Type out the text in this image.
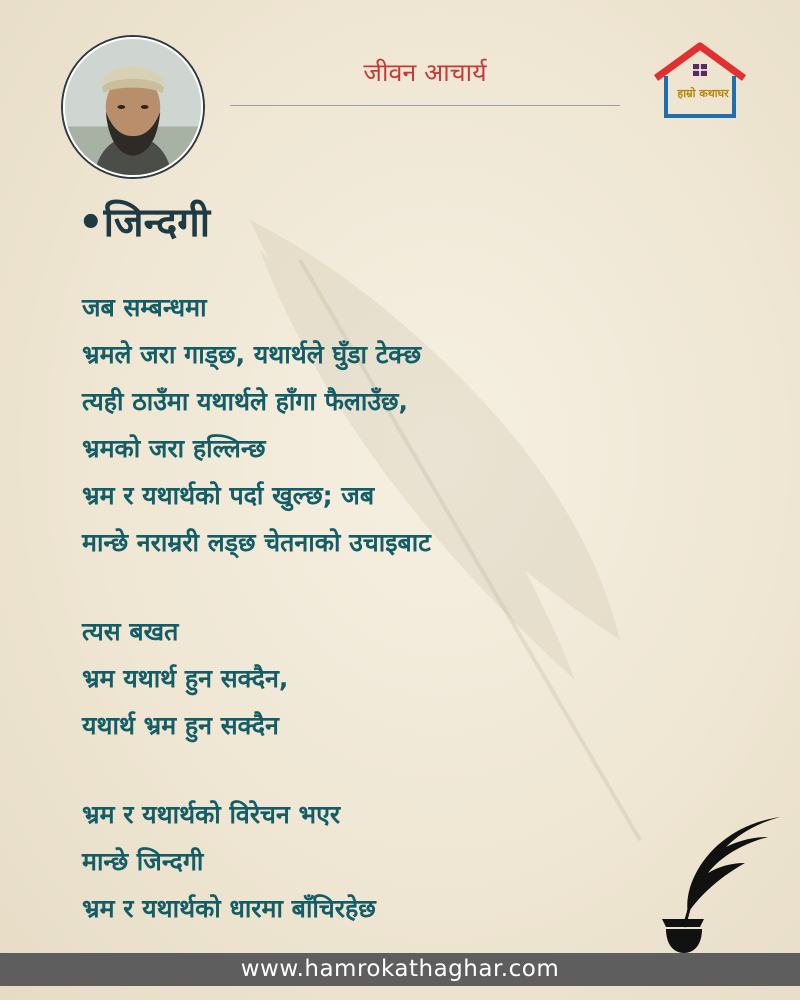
जीवन आचार्य
हाम्रो कथाघर
•जिन्दगी
जब सम्बन्धमा
भ्रमले जरा गाड्छ, यथार्थले घुँडा टेक्छ
त्यही ठाउँमा यथार्थले हाँगा फैलाउँछ,
भ्रमको जरा हल्लिन्छ
भ्रम र यथार्थको पर्दा खुल्छ; जब
मान्छे नराम्ररी लड्छ चेतनाको उचाइबाट
त्यस बखत
भ्रम यथार्थ हुन सक्दैन,
यथार्थ भ्रम हुन सक्दैन
भ्रम र यथार्थको विरेचन भएर
मान्छे जिन्दगी
भ्रम र यथार्थको धारमा बाँचिरहेछ
www.hamrokathaghar.com
